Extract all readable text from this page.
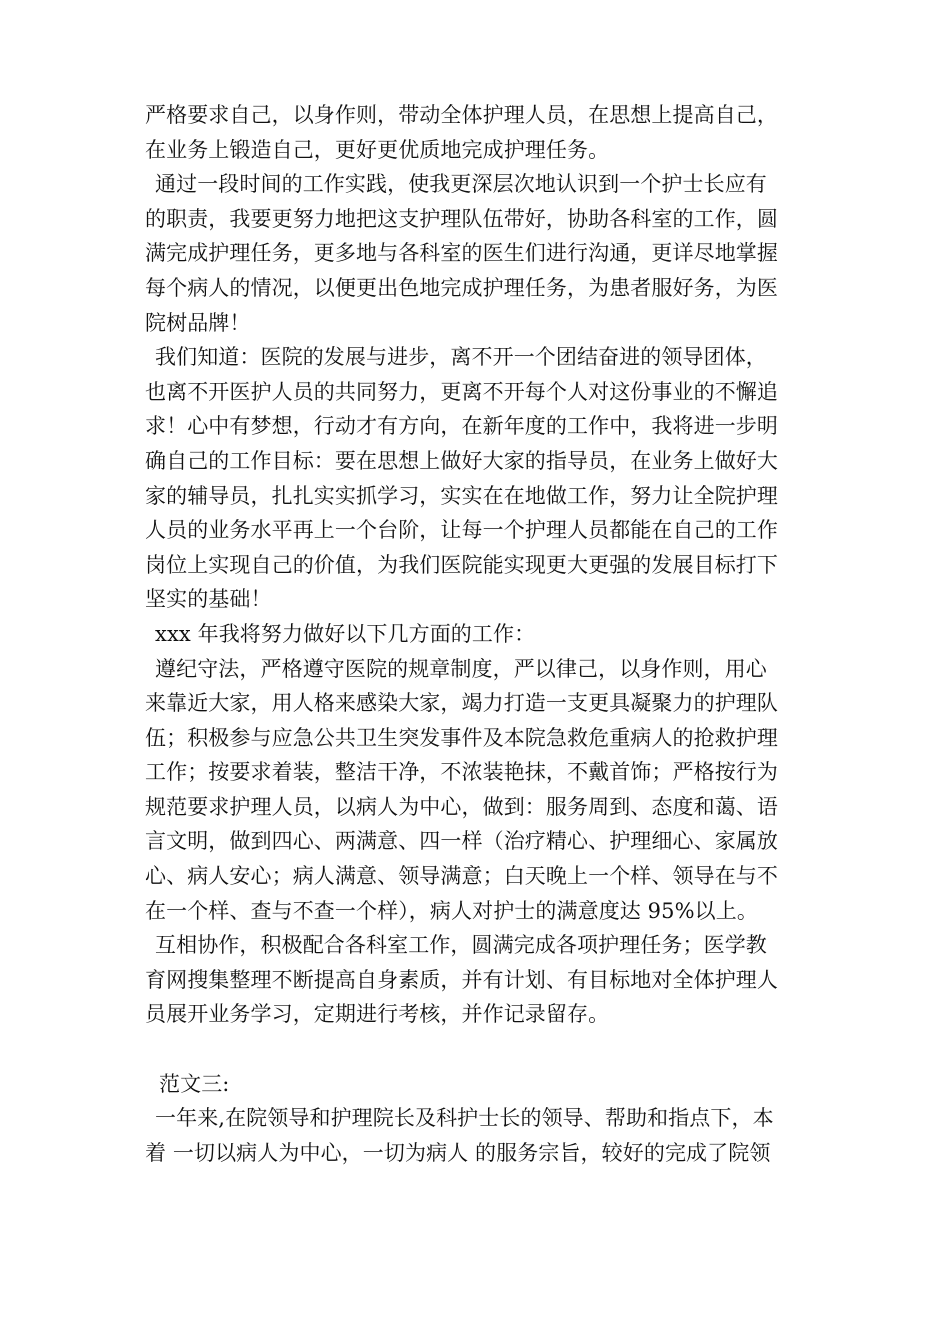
严格要求自己，以身作则，带动全体护理人员，在思想上提高自己，
在业务上锻造自己，更好更优质地完成护理任务。
通过一段时间的工作实践，使我更深层次地认识到一个护士长应有
的职责，我要更努力地把这支护理队伍带好，协助各科室的工作，圆
满完成护理任务，更多地与各科室的医生们进行沟通，更详尽地掌握
每个病人的情况，以便更出色地完成护理任务，为患者服好务，为医
院树品牌！
我们知道：医院的发展与进步，离不开一个团结奋进的领导团体，
也离不开医护人员的共同努力，更离不开每个人对这份事业的不懈追
求！心中有梦想，行动才有方向，在新年度的工作中，我将进一步明
确自己的工作目标：要在思想上做好大家的指导员，在业务上做好大
家的辅导员，扎扎实实抓学习，实实在在地做工作，努力让全院护理
人员的业务水平再上一个台阶，让每一个护理人员都能在自己的工作
岗位上实现自己的价值，为我们医院能实现更大更强的发展目标打下
坚实的基础！
xxx 年我将努力做好以下几方面的工作：
遵纪守法，严格遵守医院的规章制度，严以律己，以身作则，用心
来靠近大家，用人格来感染大家，竭力打造一支更具凝聚力的护理队
伍；积极参与应急公共卫生突发事件及本院急救危重病人的抢救护理
工作；按要求着装，整洁干净，不浓装艳抹，不戴首饰；严格按行为
规范要求护理人员，以病人为中心，做到：服务周到、态度和蔼、语
言文明，做到四心、两满意、四一样（治疗精心、护理细心、家属放
心、病人安心；病人满意、领导满意；白天晚上一个样、领导在与不
在一个样、查与不查一个样），病人对护士的满意度达 95%以上。
互相协作，积极配合各科室工作，圆满完成各项护理任务；医学教
育网搜集整理不断提高自身素质，并有计划、有目标地对全体护理人
员展开业务学习，定期进行考核，并作记录留存。
范文三:
一年来,在院领导和护理院长及科护士长的领导、帮助和指点下，本
着 一切以病人为中心，一切为病人 的服务宗旨，较好的完成了院领
